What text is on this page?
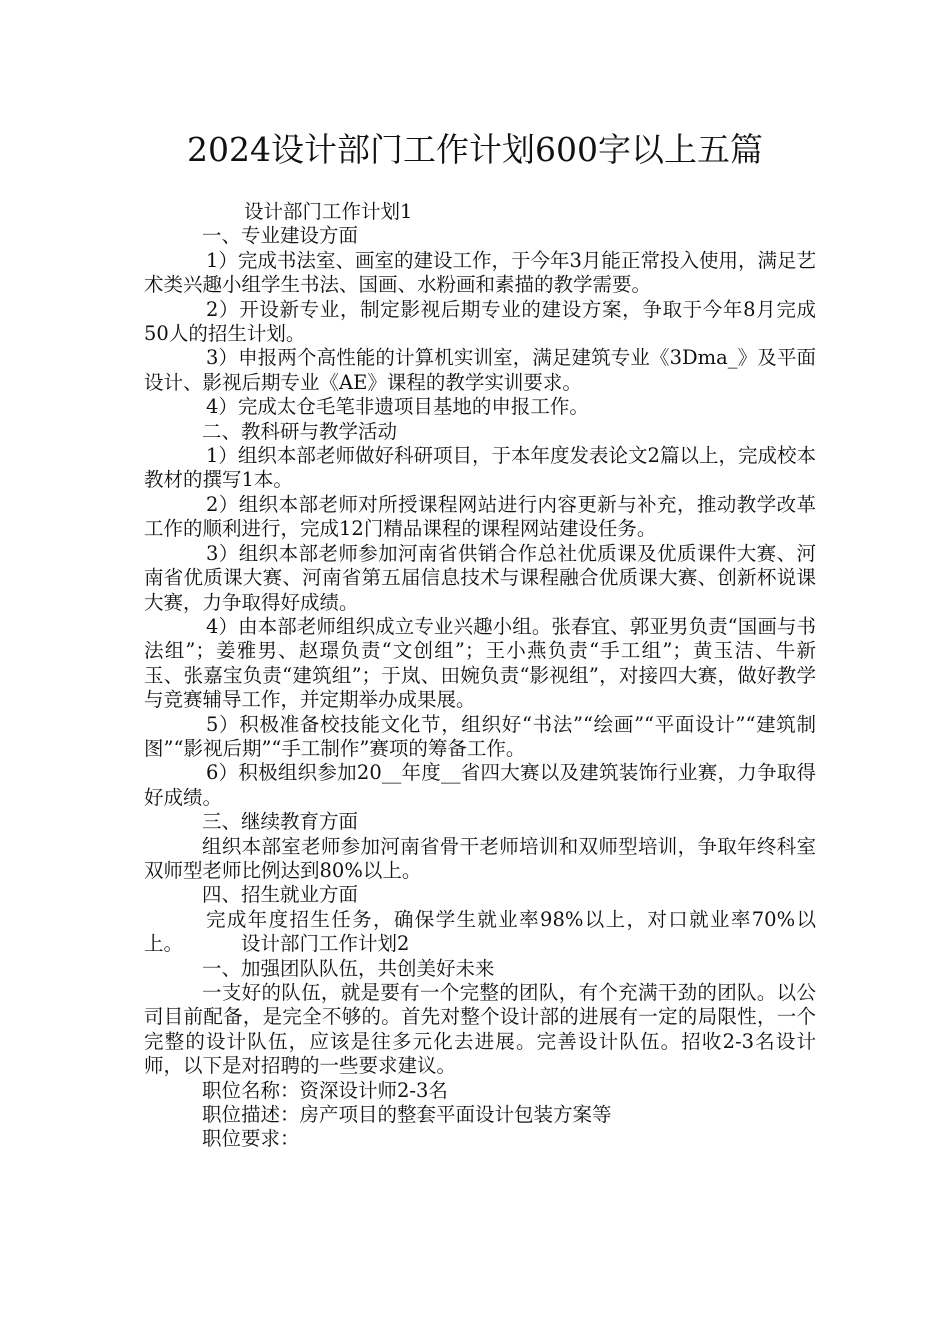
2024设计部门工作计划600字以上五篇

设计部门工作计划1

一、专业建设方面

1）完成书法室、画室的建设工作，于今年3月能正常投入使用，满足艺术类兴趣小组学生书法、国画、水粉画和素描的教学需要。

2）开设新专业，制定影视后期专业的建设方案，争取于今年8月完成50人的招生计划。

3）申报两个高性能的计算机实训室，满足建筑专业《3Dma_》及平面设计、影视后期专业《AE》课程的教学实训要求。

4）完成太仓毛笔非遗项目基地的申报工作。

二、教科研与教学活动

1）组织本部老师做好科研项目，于本年度发表论文2篇以上，完成校本教材的撰写1本。

2）组织本部老师对所授课程网站进行内容更新与补充，推动教学改革工作的顺利进行，完成12门精品课程的课程网站建设任务。

3）组织本部老师参加河南省供销合作总社优质课及优质课件大赛、河南省优质课大赛、河南省第五届信息技术与课程融合优质课大赛、创新杯说课大赛，力争取得好成绩。

4）由本部老师组织成立专业兴趣小组。张春宜、郭亚男负责“国画与书法组”；姜雅男、赵璟负责“文创组”；王小燕负责“手工组”；黄玉洁、牛新玉、张嘉宝负责“建筑组”；于岚、田婉负责“影视组”，对接四大赛，做好教学与竞赛辅导工作，并定期举办成果展。

5）积极准备校技能文化节，组织好“书法”“绘画”“平面设计”“建筑制图”“影视后期”“手工制作”赛项的筹备工作。

6）积极组织参加20__年度__省四大赛以及建筑装饰行业赛，力争取得好成绩。

三、继续教育方面

组织本部室老师参加河南省骨干老师培训和双师型培训，争取年终科室双师型老师比例达到80%以上。

四、招生就业方面

完成年度招生任务，确保学生就业率98%以上，对口就业率70%以上。	设计部门工作计划2

一、加强团队队伍，共创美好未来

一支好的队伍，就是要有一个完整的团队，有个充满干劲的团队。以公司目前配备，是完全不够的。首先对整个设计部的进展有一定的局限性，一个完整的设计队伍，应该是往多元化去进展。完善设计队伍。招收2-3名设计师，以下是对招聘的一些要求建议。

职位名称：资深设计师2-3名

职位描述：房产项目的整套平面设计包装方案等

职位要求：
